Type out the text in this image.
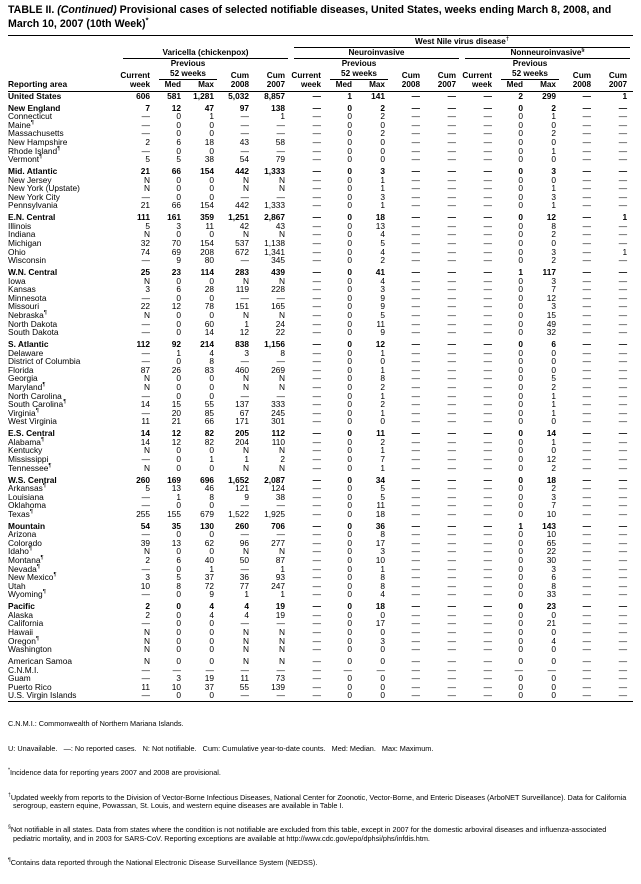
TABLE II. (Continued) Provisional cases of selected notifiable diseases, United States, weeks ending March 8, 2008, and March 10, 2007 (10th Week)*

						West Nile virus disease†

	Varicella (chickenpox)					Neuroinvasive					Nonneuroinvasive§

		Previous					Previous					Previous			
	Current	52 weeks		Cum	Cum	Current	52 weeks		Cum	Cum	Current	52 weeks		Cum	Cum
Reporting area	week	Med	Max	2008	2007	week	Med	Max	2008	2007	week	Med	Max	2008	2007
United States	606	581	1,281	5,032	8,857	—	1	141	—	—	—	2	299	—	1
New England	7	12	47	97	138	—	0	2	—	—	—	0	2	—	—
Connecticut	—	0	1	—	1	—	0	2	—	—	—	0	1	—	—
Maine¶	—	0	0	—	—	—	0	0	—	—	—	0	0	—	—
Massachusetts	—	0	0	—	—	—	0	2	—	—	—	0	2	—	—
New Hampshire	2	6	18	43	58	—	0	0	—	—	—	0	0	—	—
Rhode Island¶	—	0	0	—	—	—	0	0	—	—	—	0	1	—	—
Vermont¶	5	5	38	54	79	—	0	0	—	—	—	0	0	—	—
Mid. Atlantic	21	66	154	442	1,333	—	0	3	—	—	—	0	3	—	—
New Jersey	N	0	0	N	N	—	0	1	—	—	—	0	0	—	—
New York (Upstate)	N	0	0	N	N	—	0	1	—	—	—	0	1	—	—
New York City	—	0	0	—	—	—	0	3	—	—	—	0	3	—	—
Pennsylvania	21	66	154	442	1,333	—	0	1	—	—	—	0	1	—	—
E.N. Central	111	161	359	1,251	2,867	—	0	18	—	—	—	0	12	—	1
Illinois	5	3	11	42	43	—	0	13	—	—	—	0	8	—	—
Indiana	N	0	0	N	N	—	0	4	—	—	—	0	2	—	—
Michigan	32	70	154	537	1,138	—	0	5	—	—	—	0	0	—	—
Ohio	74	69	208	672	1,341	—	0	4	—	—	—	0	3	—	1
Wisconsin	—	9	80	—	345	—	0	2	—	—	—	0	2	—	—
W.N. Central	25	23	114	283	439	—	0	41	—	—	—	1	117	—	—
Iowa	N	0	0	N	N	—	0	4	—	—	—	0	3	—	—
Kansas	3	6	28	119	228	—	0	3	—	—	—	0	7	—	—
Minnesota	—	0	0	—	—	—	0	9	—	—	—	0	12	—	—
Missouri	22	12	78	151	165	—	0	9	—	—	—	0	3	—	—
Nebraska¶	N	0	0	N	N	—	0	5	—	—	—	0	15	—	—
North Dakota	—	0	60	1	24	—	0	11	—	—	—	0	49	—	—
South Dakota	—	0	14	12	22	—	0	9	—	—	—	0	32	—	—
S. Atlantic	112	92	214	838	1,156	—	0	12	—	—	—	0	6	—	—
Delaware	—	1	4	3	8	—	0	1	—	—	—	0	0	—	—
District of Columbia	—	0	8	—	—	—	0	0	—	—	—	0	0	—	—
Florida	87	26	83	460	269	—	0	1	—	—	—	0	0	—	—
Georgia	N	0	0	N	N	—	0	8	—	—	—	0	5	—	—
Maryland¶	N	0	0	N	N	—	0	2	—	—	—	0	2	—	—
North Carolina	—	0	0	—	—	—	0	1	—	—	—	0	1	—	—
South Carolina¶	14	15	55	137	333	—	0	2	—	—	—	0	1	—	—
Virginia¶	—	20	85	67	245	—	0	1	—	—	—	0	1	—	—
West Virginia	11	21	66	171	301	—	0	0	—	—	—	0	0	—	—
E.S. Central	14	12	82	205	112	—	0	11	—	—	—	0	14	—	—
Alabama¶	14	12	82	204	110	—	0	2	—	—	—	0	1	—	—
Kentucky	N	0	0	N	N	—	0	1	—	—	—	0	0	—	—
Mississippi	—	0	1	1	2	—	0	7	—	—	—	0	12	—	—
Tennessee¶	N	0	0	N	N	—	0	1	—	—	—	0	2	—	—
W.S. Central	260	169	696	1,652	2,087	—	0	34	—	—	—	0	18	—	—
Arkansas¶	5	13	46	121	124	—	0	5	—	—	—	0	2	—	—
Louisiana	—	1	8	9	38	—	0	5	—	—	—	0	3	—	—
Oklahoma	—	0	0	—	—	—	0	11	—	—	—	0	7	—	—
Texas¶	255	155	679	1,522	1,925	—	0	18	—	—	—	0	10	—	—
Mountain	54	35	130	260	706	—	0	36	—	—	—	1	143	—	—
Arizona	—	0	0	—	—	—	0	8	—	—	—	0	10	—	—
Colorado	39	13	62	96	277	—	0	17	—	—	—	0	65	—	—
Idaho¶	N	0	0	N	N	—	0	3	—	—	—	0	22	—	—
Montana¶	2	6	40	50	87	—	0	10	—	—	—	0	30	—	—
Nevada¶	—	0	1	—	1	—	0	1	—	—	—	0	3	—	—
New Mexico¶	3	5	37	36	93	—	0	8	—	—	—	0	6	—	—
Utah	10	8	72	77	247	—	0	8	—	—	—	0	8	—	—
Wyoming¶	—	0	9	1	1	—	0	4	—	—	—	0	33	—	—
Pacific	2	0	4	4	19	—	0	18	—	—	—	0	23	—	—
Alaska	2	0	4	4	19	—	0	0	—	—	—	0	0	—	—
California	—	0	0	—	—	—	0	17	—	—	—	0	21	—	—
Hawaii	N	0	0	N	N	—	0	0	—	—	—	0	0	—	—
Oregon¶	N	0	0	N	N	—	0	3	—	—	—	0	4	—	—
Washington	N	0	0	N	N	—	0	0	—	—	—	0	0	—	—
American Samoa	N	0	0	N	N	—	0	0	—	—	—	0	0	—	—
C.N.M.I.	—	—	—	—	—	—	—	—	—	—	—	—	—	—	—
Guam	—	3	19	11	73	—	0	0	—	—	—	0	0	—	—
Puerto Rico	11	10	37	55	139	—	0	0	—	—	—	0	0	—	—
U.S. Virgin Islands	—	0	0	—	—	—	0	0	—	—	—	0	0	—	—

C.N.M.I.: Commonwealth of Northern Mariana Islands.

U: Unavailable.   —: No reported cases.   N: Not notifiable.   Cum: Cumulative year-to-date counts.   Med: Median.   Max: Maximum.

*Incidence data for reporting years 2007 and 2008 are provisional.

†Updated weekly from reports to the Division of Vector-Borne Infectious Diseases, National Center for Zoonotic, Vector-Borne, and Enteric Diseases (ArboNET Surveillance). Data for California serogroup, eastern equine, Powassan, St. Louis, and western equine diseases are available in Table I.

§Not notifiable in all states. Data from states where the condition is not notifiable are excluded from this table, except in 2007 for the domestic arboviral diseases and influenza-associated pediatric mortality, and in 2003 for SARS-CoV. Reporting exceptions are available at http://www.cdc.gov/epo/dphsi/phs/infdis.htm.

¶Contains data reported through the National Electronic Disease Surveillance System (NEDSS).
